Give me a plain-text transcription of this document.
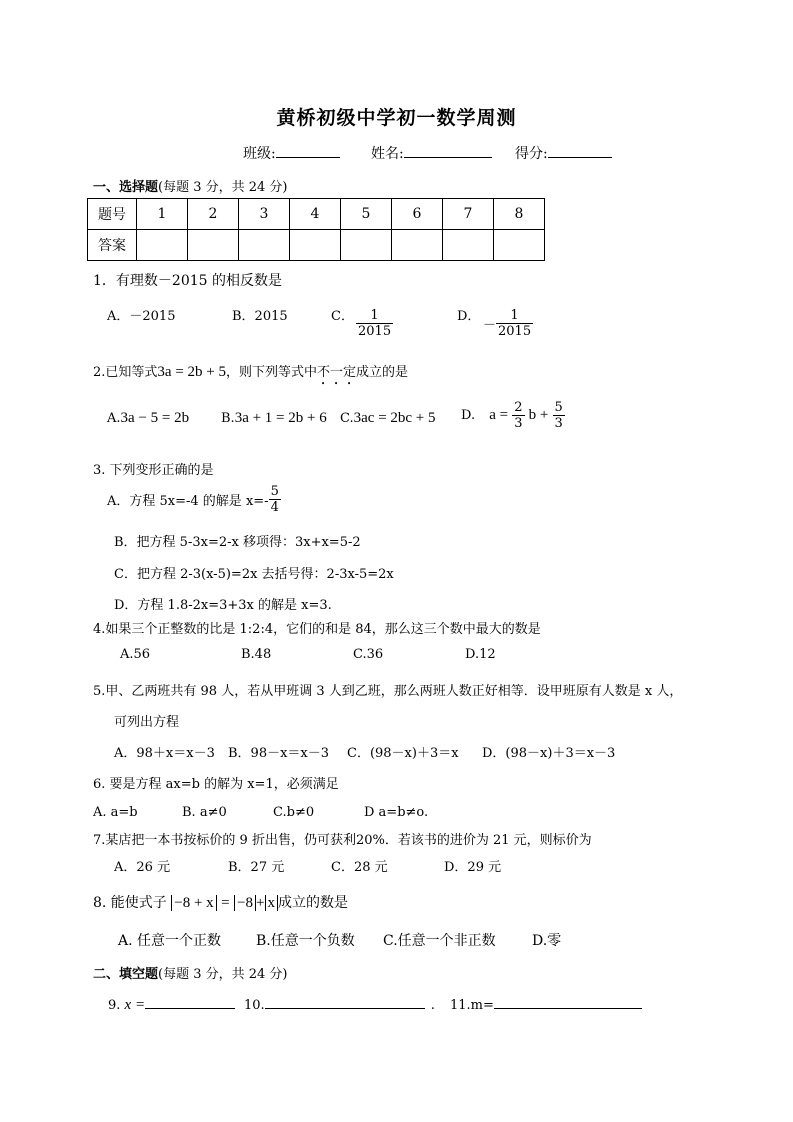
黄桥初级中学初一数学周测
班级:	姓名:	得分:
一、选择题(每题 3 分，共 24 分)
题号	1	2	3	4	5	6	7	8
答案								
1．有理数－2015 的相反数是
A．－2015	B．2015	C． $\frac{1}{2015}$	D．
－ $\frac{1}{2015}$
2.已知等式3a = 2b + 5，则下列等式中不一定成立的是
A.3a − 5 = 2b B.3a + 1 = 2b + 6 C.3ac = 2bc + 5 D. $a = \frac{2}{3}$ $b + \frac{5}{3}$
3. 下列变形正确的是
A．方程 5x=-4 的解是 $x=- \frac{5}{4}$
B．把方程 5-3x=2-x 移项得：3x+x=5-2
C．把方程 2-3(x-5)=2x 去括号得：2-3x-5=2x
D．方程 1.8-2x=3+3x 的解是 x=3.
4.如果三个正整数的比是 1:2:4，它们的和是 84，那么这三个数中最大的数是
A.56	B.48	C.36	D.12
5.甲、乙两班共有 98 人，若从甲班调 3 人到乙班，那么两班人数正好相等．设甲班原有人数是 x 人，
可列出方程
A．98＋x＝x－3 B．98－x＝x－3 C．(98－x)＋3＝x D．(98－x)＋3＝x－3
6. 要是方程 ax=b 的解为 x=1，必须满足
A. a=b	B. a≠0	C.b≠0	D a=b≠o.
7.某店把一本书按标价的 9 折出售，仍可获利20%．若该书的进价为 21 元，则标价为
A．26 元	B．27 元	C．28 元	D．29 元
8. 能使式子 −8 + x = −8 + x 成立的数是
A. 任意一个正数 B.任意一个负数 C.任意一个非正数	D.零
二、填空题(每题 3 分，共 24 分)
9. x =	10.	. 11.m=
